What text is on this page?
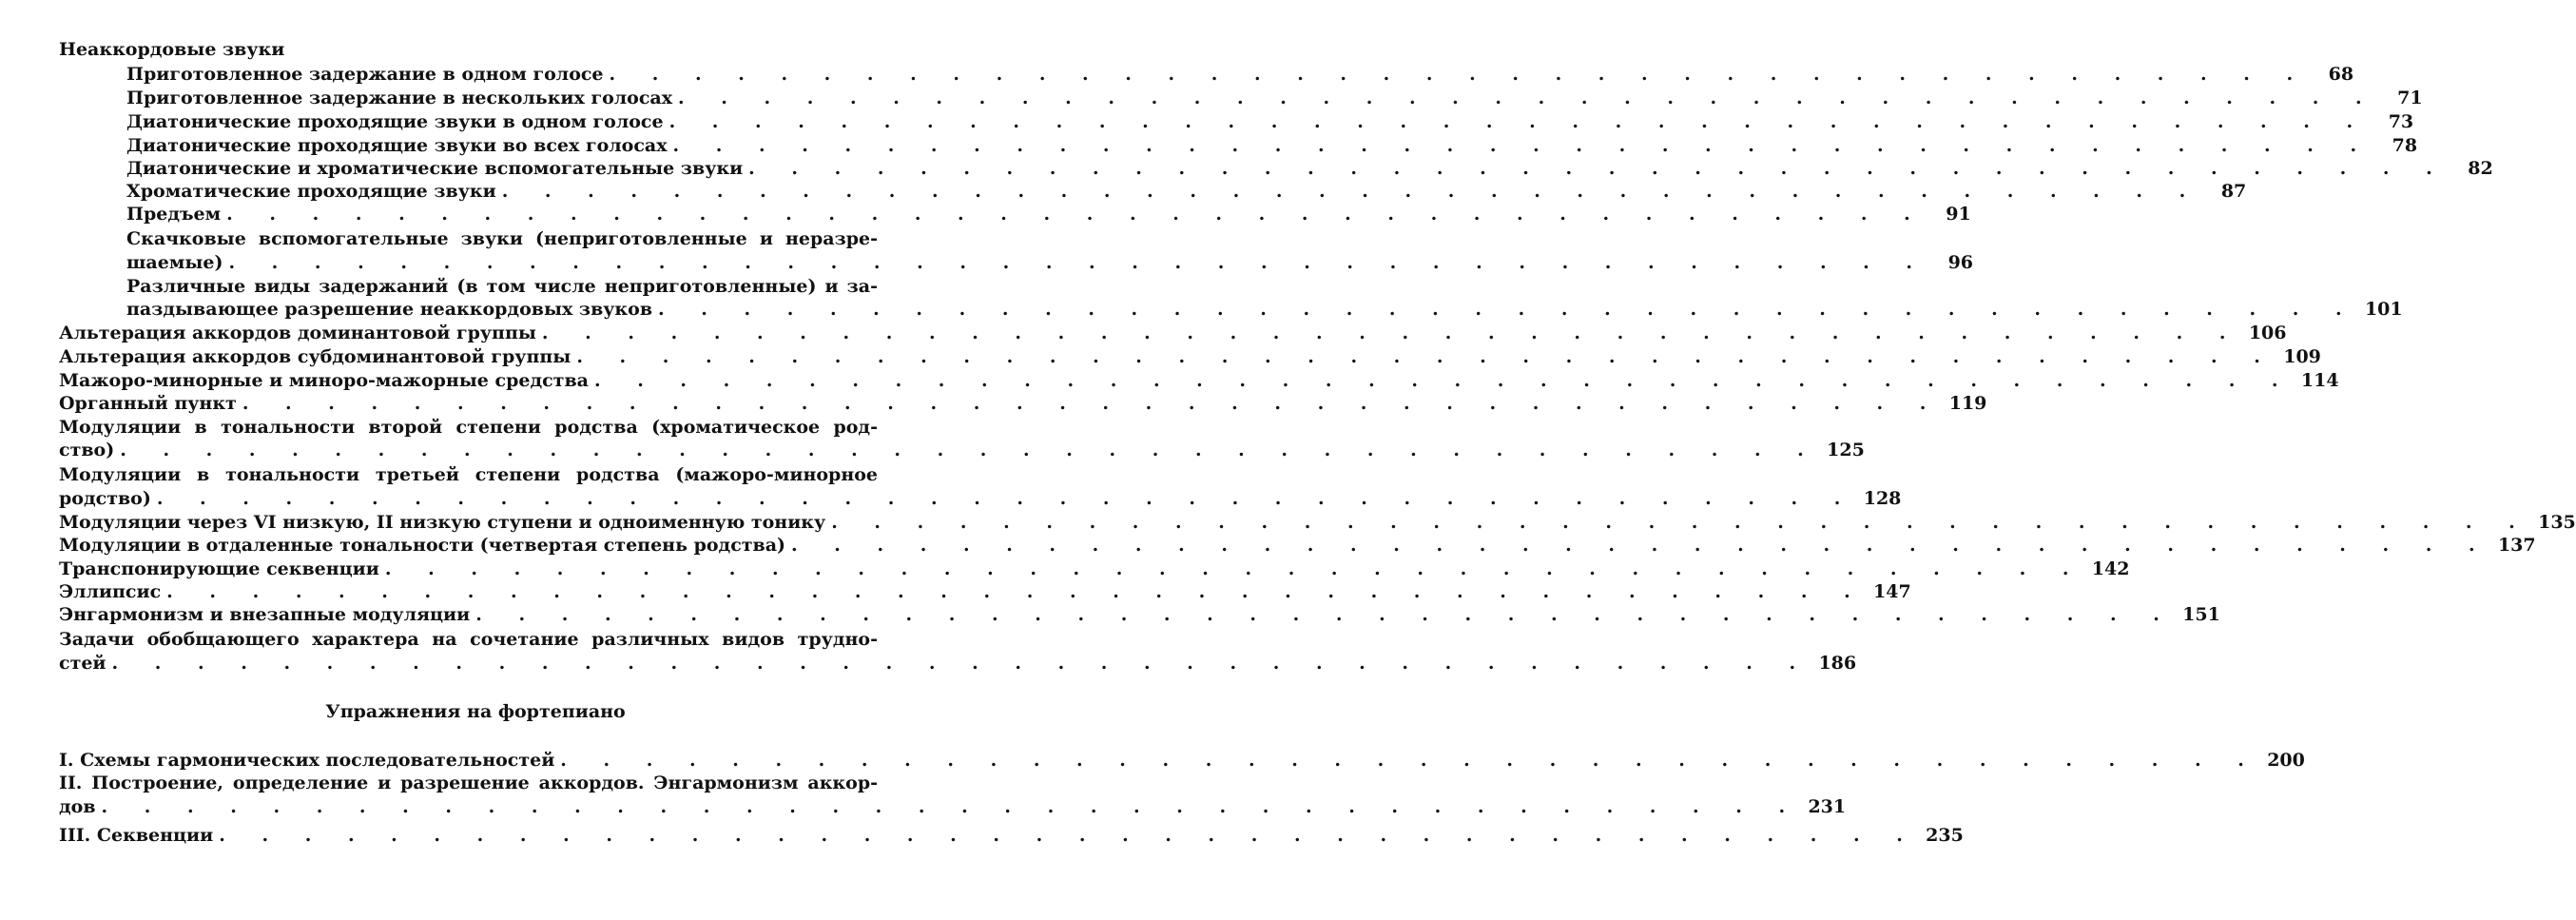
Неаккордовые звуки
Приготовленное задержание в одном голосе . . . . . . . . . . . . . . . . . . . . . . . . . . . . . . . . . . . . . . . .	68
Приготовленное задержание в нескольких голосах . . . . . . . . . . . . . . . . . . . . . . . . . . . . . . . . . . . . . . . .	71
Диатонические проходящие звуки в одном голосе . . . . . . . . . . . . . . . . . . . . . . . . . . . . . . . . . . . . . . . .	73
Диатонические проходящие звуки во всех голосах . . . . . . . . . . . . . . . . . . . . . . . . . . . . . . . . . . . . . . . .	78
Диатонические и хроматические вспомогательные звуки . . . . . . . . . . . . . . . . . . . . . . . . . . . . . . . . . . . . . . . .	82
Хроматические проходящие звуки . . . . . . . . . . . . . . . . . . . . . . . . . . . . . . . . . . . . . . . .	87
Предъем . . . . . . . . . . . . . . . . . . . . . . . . . . . . . . . . . . . . . . . .	91
Скачковые вспомогательные звуки (неприготовленные и неразре-
шаемые) . . . . . . . . . . . . . . . . . . . . . . . . . . . . . . . . . . . . . . . .	96
Различные виды задержаний (в том числе неприготовленные) и за-
паздывающее разрешение неаккордовых звуков . . . . . . . . . . . . . . . . . . . . . . . . . . . . . . . . . . . . . . . . 101
Альтерация аккордов доминантовой группы . . . . . . . . . . . . . . . . . . . . . . . . . . . . . . . . . . . . . . . . 106
Альтерация аккордов субдоминантовой группы . . . . . . . . . . . . . . . . . . . . . . . . . . . . . . . . . . . . . . . . 109
Мажоро-минорные и миноро-мажорные средства . . . . . . . . . . . . . . . . . . . . . . . . . . . . . . . . . . . . . . . . 114
Органный пункт . . . . . . . . . . . . . . . . . . . . . . . . . . . . . . . . . . . . . . . . 119
Модуляции в тональности второй степени родства (хроматическое род-
ство) . . . . . . . . . . . . . . . . . . . . . . . . . . . . . . . . . . . . . . . . 125
Модуляции в тональности третьей степени родства (мажоро-минорное
родство) . . . . . . . . . . . . . . . . . . . . . . . . . . . . . . . . . . . . . . . . 128
Модуляции через VI низкую, II низкую ступени и одноименную тонику . . . . . . . . . . . . . . . . . . . . . . . . . . . . . . . . . . . . . . . . 135
Модуляции в отдаленные тональности (четвертая степень родства) . . . . . . . . . . . . . . . . . . . . . . . . . . . . . . . . . . . . . . . . 137
Транспонирующие секвенции . . . . . . . . . . . . . . . . . . . . . . . . . . . . . . . . . . . . . . . . 142
Эллипсис . . . . . . . . . . . . . . . . . . . . . . . . . . . . . . . . . . . . . . . . 147
Энгармонизм и внезапные модуляции . . . . . . . . . . . . . . . . . . . . . . . . . . . . . . . . . . . . . . . . 151
Задачи обобщающего характера на сочетание различных видов трудно-
стей . . . . . . . . . . . . . . . . . . . . . . . . . . . . . . . . . . . . . . . . 186
Упражнения на фортепиано
I. Схемы гармонических последовательностей . . . . . . . . . . . . . . . . . . . . . . . . . . . . . . . . . . . . . . . . 200
II. Построение, определение и разрешение аккордов. Энгармонизм аккор-
дов . . . . . . . . . . . . . . . . . . . . . . . . . . . . . . . . . . . . . . . . 231
III. Секвенции . . . . . . . . . . . . . . . . . . . . . . . . . . . . . . . . . . . . . . . . 235
